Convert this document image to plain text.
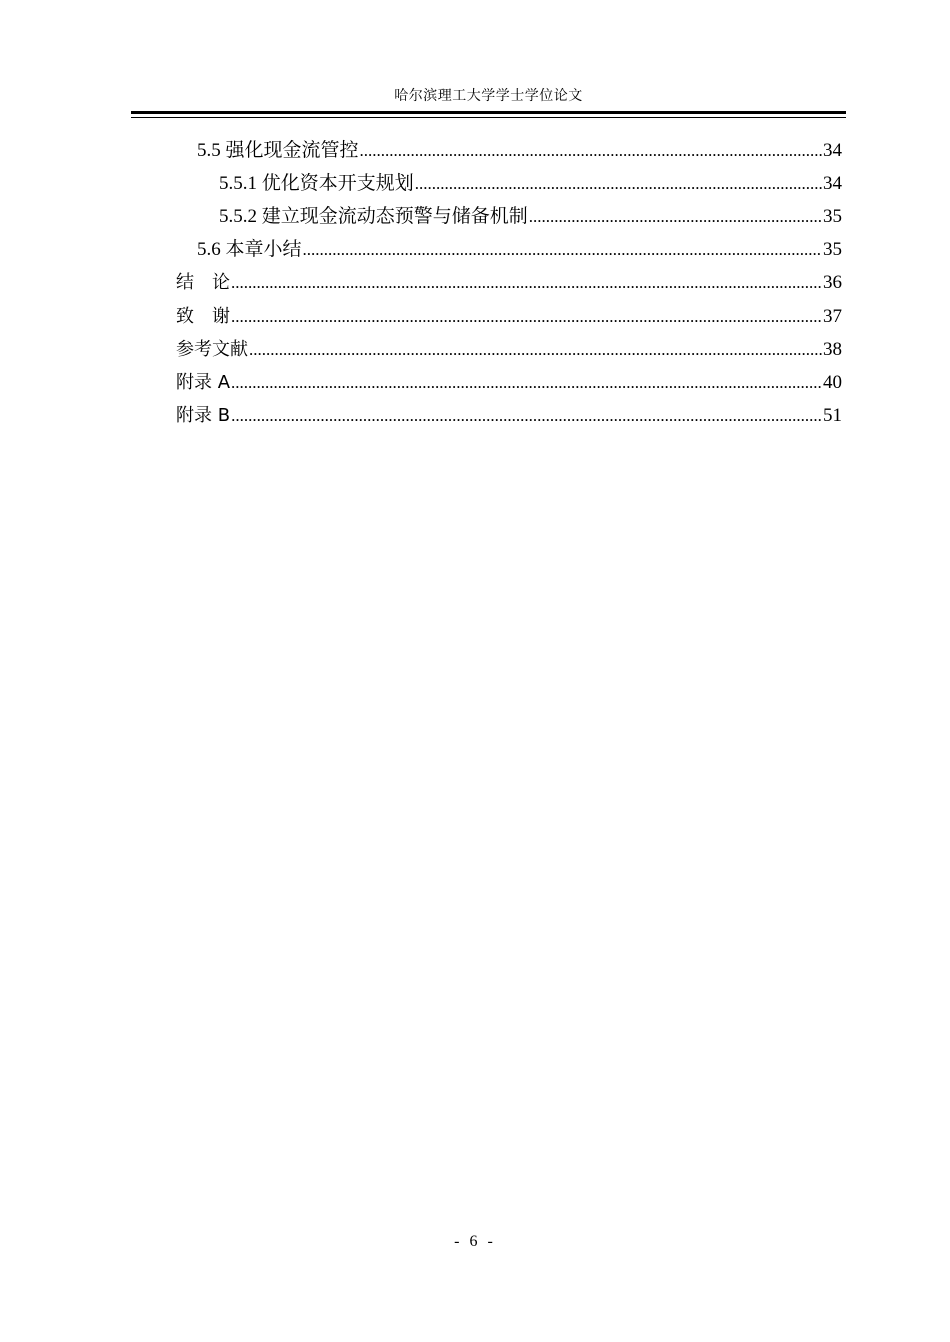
哈尔滨理工大学学士学位论文
5.5 强化现金流管控 .....	34
5.5.1 优化资本开支规划 .....	34
5.5.2 建立现金流动态预警与储备机制 .....	35
5.6 本章小结 .....	35
结　论 .....	36
致　谢 .....	37
参考文献 .....	38
附录 A .....	40
附录 B .....	51
- 6 -
